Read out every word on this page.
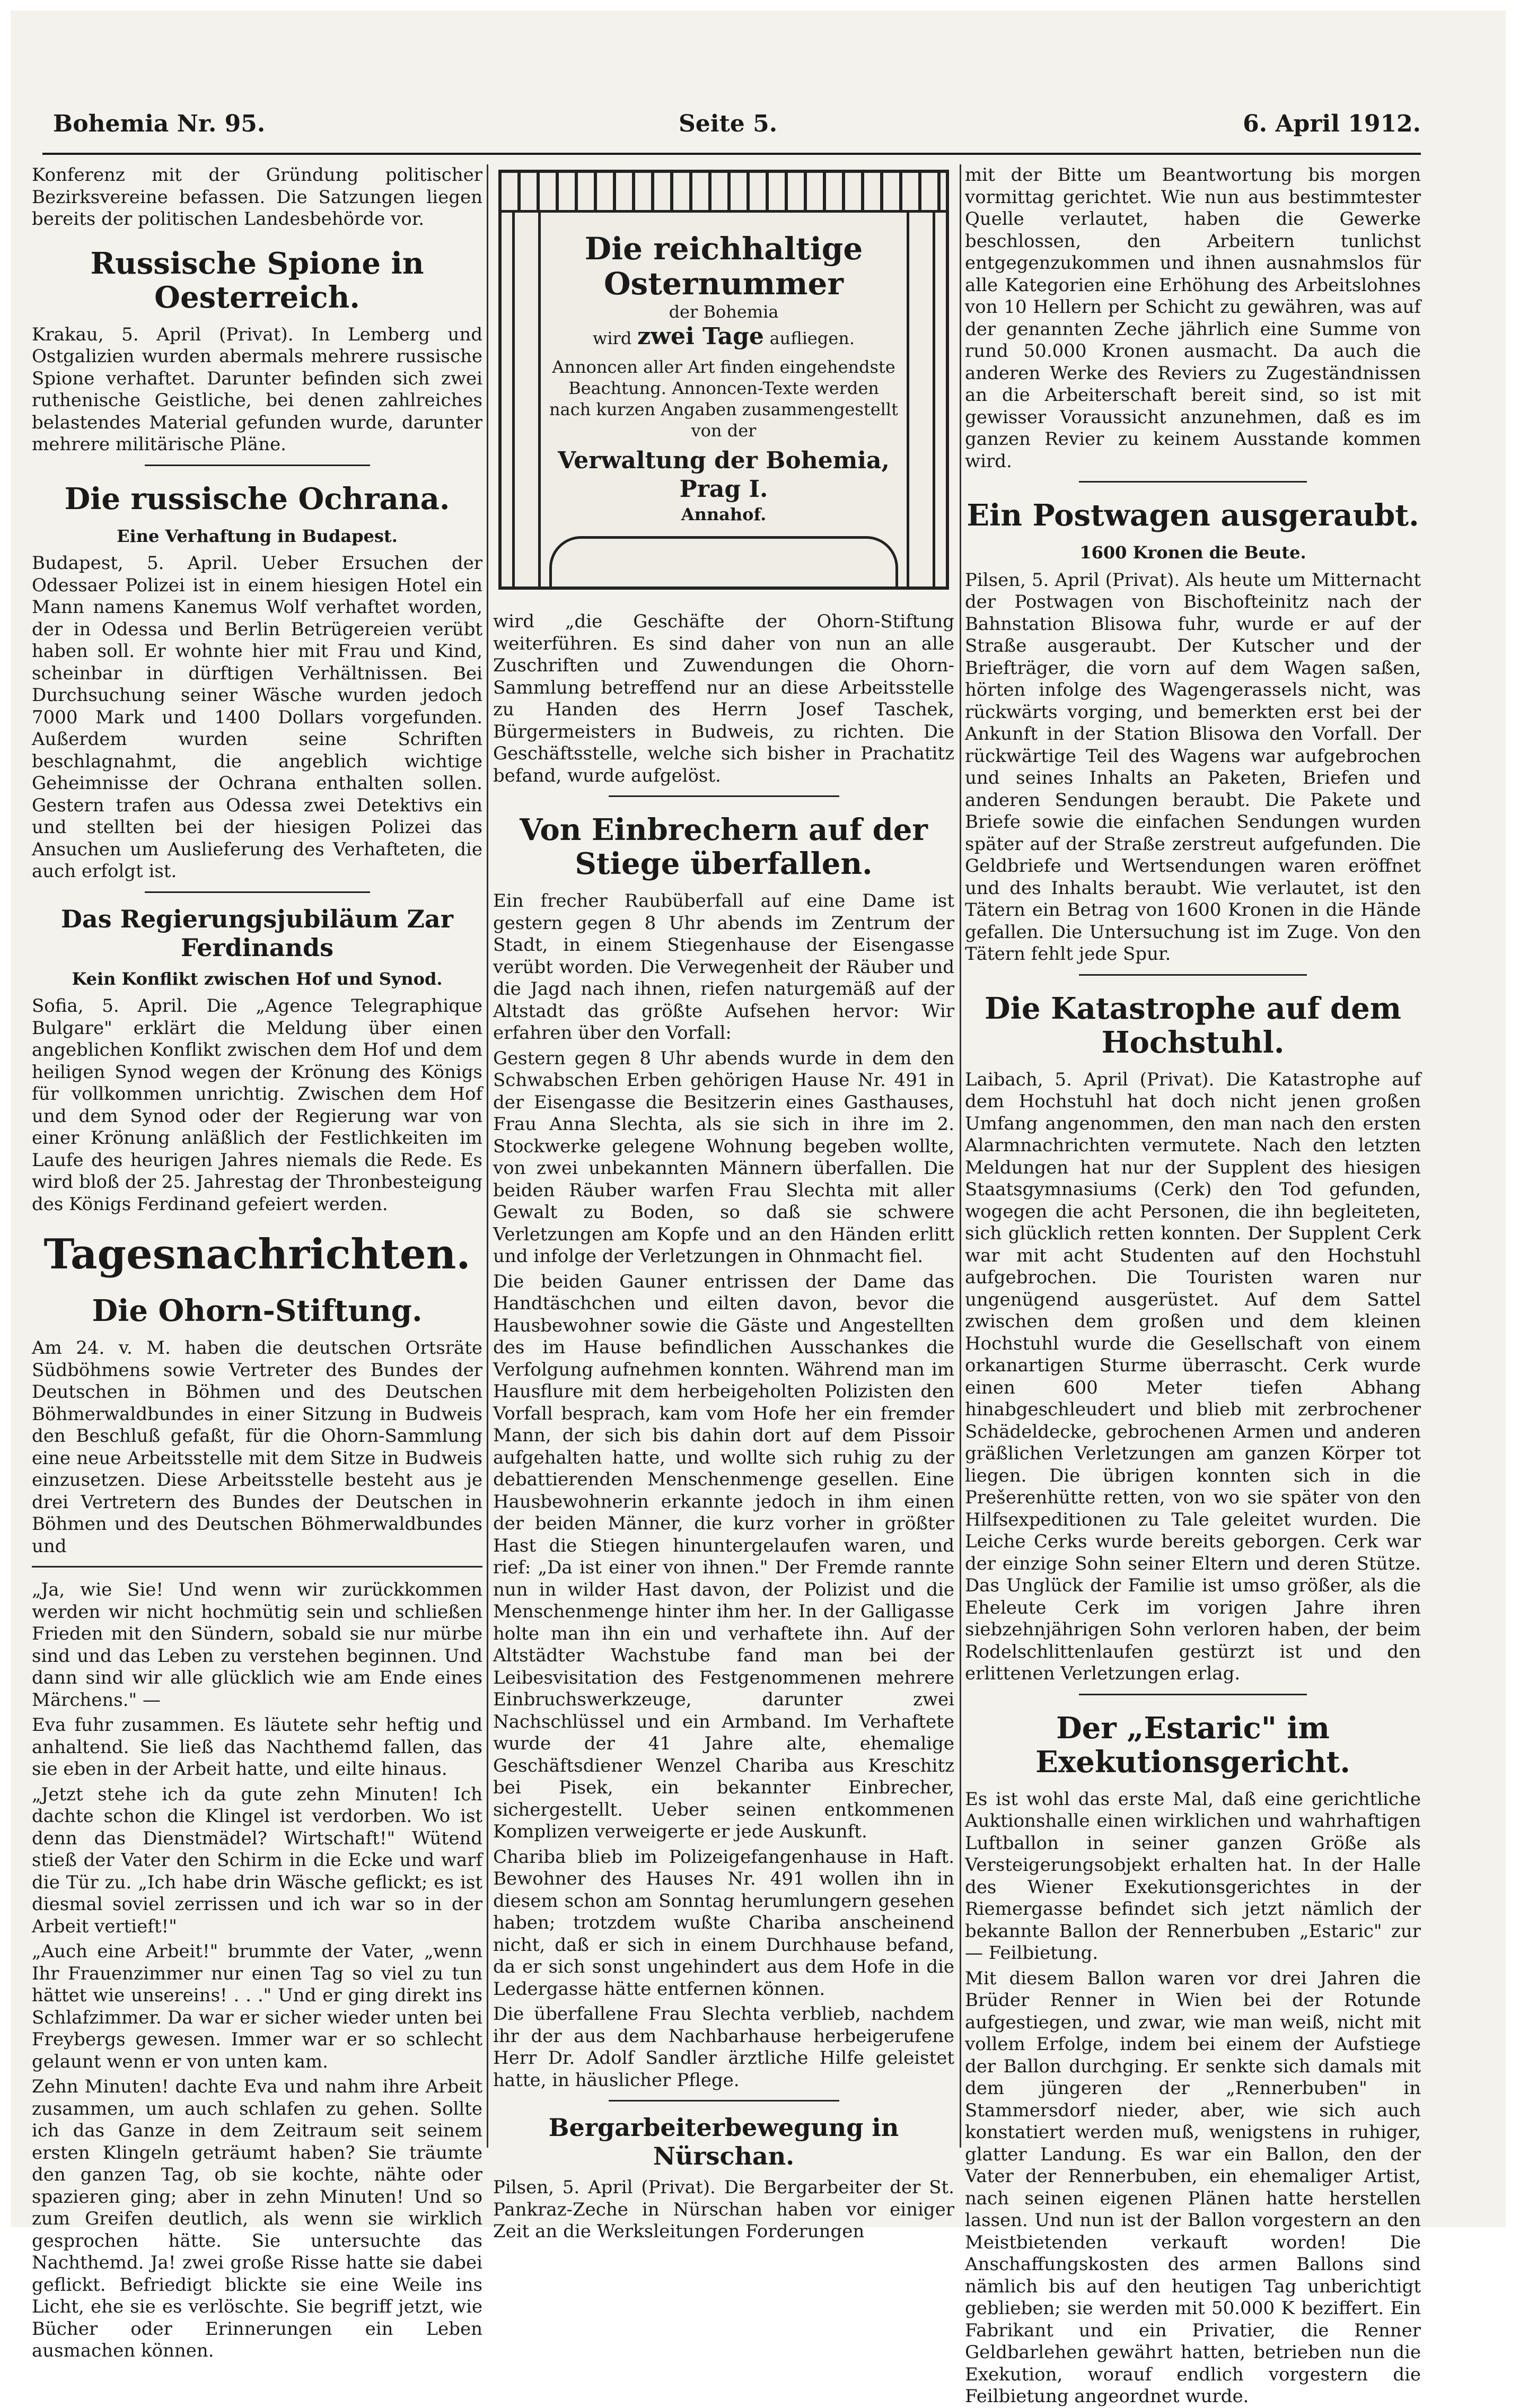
Bohemia Nr. 95.	Seite 5.	6. April 1912.

Konferenz mit der Gründung politischer Bezirksvereine befassen. Die Satzungen liegen bereits der politischen Landesbehörde vor.

Russische Spione in Oesterreich.

Krakau, 5. April (Privat). In Lemberg und Ostgalizien wurden abermals mehrere russische Spione verhaftet. Darunter befinden sich zwei ruthenische Geistliche, bei denen zahlreiches belastendes Material gefunden wurde, darunter mehrere militärische Pläne.

Die russische Ochrana.
Eine Verhaftung in Budapest.

Budapest, 5. April. Ueber Ersuchen der Odessaer Polizei ist in einem hiesigen Hotel ein Mann namens Kanemus Wolf verhaftet worden, der in Odessa und Berlin Betrügereien verübt haben soll. Er wohnte hier mit Frau und Kind, scheinbar in dürftigen Verhältnissen. Bei Durchsuchung seiner Wäsche wurden jedoch 7000 Mark und 1400 Dollars vorgefunden. Außerdem wurden seine Schriften beschlagnahmt, die angeblich wichtige Geheimnisse der Ochrana enthalten sollen. Gestern trafen aus Odessa zwei Detektivs ein und stellten bei der hiesigen Polizei das Ansuchen um Auslieferung des Verhafteten, die auch erfolgt ist.

Das Regierungsjubiläum Zar Ferdinands
Kein Konflikt zwischen Hof und Synod.

Sofia, 5. April. Die „Agence Telegraphique Bulgare" erklärt die Meldung über einen angeblichen Konflikt zwischen dem Hof und dem heiligen Synod wegen der Krönung des Königs für vollkommen unrichtig. Zwischen dem Hof und dem Synod oder der Regierung war von einer Krönung anläßlich der Festlichkeiten im Laufe des heurigen Jahres niemals die Rede. Es wird bloß der 25. Jahrestag der Thronbesteigung des Königs Ferdinand gefeiert werden.

Tagesnachrichten.
Die Ohorn-Stiftung.

Am 24. v. M. haben die deutschen Ortsräte Südböhmens sowie Vertreter des Bundes der Deutschen in Böhmen und des Deutschen Böhmerwaldbundes in einer Sitzung in Budweis den Beschluß gefaßt, für die Ohorn-Sammlung eine neue Arbeitsstelle mit dem Sitze in Budweis einzusetzen. Diese Arbeitsstelle besteht aus je drei Vertretern des Bundes der Deutschen in Böhmen und des Deutschen Böhmerwaldbundes und

„Ja, wie Sie! Und wenn wir zurückkommen werden wir nicht hochmütig sein und schließen Frieden mit den Sündern, sobald sie nur mürbe sind und das Leben zu verstehen beginnen. Und dann sind wir alle glücklich wie am Ende eines Märchens." —

Eva fuhr zusammen. Es läutete sehr heftig und anhaltend. Sie ließ das Nachthemd fallen, das sie eben in der Arbeit hatte, und eilte hinaus.

„Jetzt stehe ich da gute zehn Minuten! Ich dachte schon die Klingel ist verdorben. Wo ist denn das Dienstmädel? Wirtschaft!" Wütend stieß der Vater den Schirm in die Ecke und warf die Tür zu. „Ich habe drin Wäsche geflickt; es ist diesmal soviel zerrissen und ich war so in der Arbeit vertieft!"

„Auch eine Arbeit!" brummte der Vater, „wenn Ihr Frauenzimmer nur einen Tag so viel zu tun hättet wie unsereins! . . ." Und er ging direkt ins Schlafzimmer. Da war er sicher wieder unten bei Freybergs gewesen. Immer war er so schlecht gelaunt wenn er von unten kam.

Zehn Minuten! dachte Eva und nahm ihre Arbeit zusammen, um auch schlafen zu gehen. Sollte ich das Ganze in dem Zeitraum seit seinem ersten Klingeln geträumt haben? Sie träumte den ganzen Tag, ob sie kochte, nähte oder spazieren ging; aber in zehn Minuten! Und so zum Greifen deutlich, als wenn sie wirklich gesprochen hätte. Sie untersuchte das Nachthemd. Ja! zwei große Risse hatte sie dabei geflickt. Befriedigt blickte sie eine Weile ins Licht, ehe sie es verlöschte. Sie begriff jetzt, wie Bücher oder Erinnerungen ein Leben ausmachen können.

Die reichhaltige Osternummer
der Bohemia
wird zwei Tage aufliegen.
Annoncen aller Art finden eingehendste Beachtung. Annoncen-Texte werden nach kurzen Angaben zusammengestellt von der
Verwaltung der Bohemia, Prag I.
Annahof.

wird „die Geschäfte der Ohorn-Stiftung weiterführen. Es sind daher von nun an alle Zuschriften und Zuwendungen die Ohorn-Sammlung betreffend nur an diese Arbeitsstelle zu Handen des Herrn Josef Taschek, Bürgermeisters in Budweis, zu richten. Die Geschäftsstelle, welche sich bisher in Prachatitz befand, wurde aufgelöst.

Von Einbrechern auf der Stiege überfallen.

Ein frecher Raubüberfall auf eine Dame ist gestern gegen 8 Uhr abends im Zentrum der Stadt, in einem Stiegenhause der Eisengasse verübt worden. Die Verwegenheit der Räuber und die Jagd nach ihnen, riefen naturgemäß auf der Altstadt das größte Aufsehen hervor: Wir erfahren über den Vorfall:

Gestern gegen 8 Uhr abends wurde in dem den Schwabschen Erben gehörigen Hause Nr. 491 in der Eisengasse die Besitzerin eines Gasthauses, Frau Anna Slechta, als sie sich in ihre im 2. Stockwerke gelegene Wohnung begeben wollte, von zwei unbekannten Männern überfallen. Die beiden Räuber warfen Frau Slechta mit aller Gewalt zu Boden, so daß sie schwere Verletzungen am Kopfe und an den Händen erlitt und infolge der Verletzungen in Ohnmacht fiel.

Die beiden Gauner entrissen der Dame das Handtäschchen und eilten davon, bevor die Hausbewohner sowie die Gäste und Angestellten des im Hause befindlichen Ausschankes die Verfolgung aufnehmen konnten. Während man im Hausflure mit dem herbeigeholten Polizisten den Vorfall besprach, kam vom Hofe her ein fremder Mann, der sich bis dahin dort auf dem Pissoir aufgehalten hatte, und wollte sich ruhig zu der debattierenden Menschenmenge gesellen. Eine Hausbewohnerin erkannte jedoch in ihm einen der beiden Männer, die kurz vorher in größter Hast die Stiegen hinuntergelaufen waren, und rief: „Da ist einer von ihnen." Der Fremde rannte nun in wilder Hast davon, der Polizist und die Menschenmenge hinter ihm her. In der Galligasse holte man ihn ein und verhaftete ihn. Auf der Altstädter Wachstube fand man bei der Leibesvisitation des Festgenommenen mehrere Einbruchswerkzeuge, darunter zwei Nachschlüssel und ein Armband. Im Verhaftete wurde der 41 Jahre alte, ehemalige Geschäftsdiener Wenzel Chariba aus Kreschitz bei Pisek, ein bekannter Einbrecher, sichergestellt. Ueber seinen entkommenen Komplizen verweigerte er jede Auskunft.

Chariba blieb im Polizeigefangenhause in Haft. Bewohner des Hauses Nr. 491 wollen ihn in diesem schon am Sonntag herumlungern gesehen haben; trotzdem wußte Chariba anscheinend nicht, daß er sich in einem Durchhause befand, da er sich sonst ungehindert aus dem Hofe in die Ledergasse hätte entfernen können.

Die überfallene Frau Slechta verblieb, nachdem ihr der aus dem Nachbarhause herbeigerufene Herr Dr. Adolf Sandler ärztliche Hilfe geleistet hatte, in häuslicher Pflege.

Bergarbeiterbewegung in Nürschan.

Pilsen, 5. April (Privat). Die Bergarbeiter der St. Pankraz-Zeche in Nürschan haben vor einiger Zeit an die Werksleitungen Forderungen

mit der Bitte um Beantwortung bis morgen vormittag gerichtet. Wie nun aus bestimmtester Quelle verlautet, haben die Gewerke beschlossen, den Arbeitern tunlichst entgegenzukommen und ihnen ausnahmslos für alle Kategorien eine Erhöhung des Arbeitslohnes von 10 Hellern per Schicht zu gewähren, was auf der genannten Zeche jährlich eine Summe von rund 50.000 Kronen ausmacht. Da auch die anderen Werke des Reviers zu Zugeständnissen an die Arbeiterschaft bereit sind, so ist mit gewisser Voraussicht anzunehmen, daß es im ganzen Revier zu keinem Ausstande kommen wird.

Ein Postwagen ausgeraubt.
1600 Kronen die Beute.

Pilsen, 5. April (Privat). Als heute um Mitternacht der Postwagen von Bischofteinitz nach der Bahnstation Blisowa fuhr, wurde er auf der Straße ausgeraubt. Der Kutscher und der Briefträger, die vorn auf dem Wagen saßen, hörten infolge des Wagengerassels nicht, was rückwärts vorging, und bemerkten erst bei der Ankunft in der Station Blisowa den Vorfall. Der rückwärtige Teil des Wagens war aufgebrochen und seines Inhalts an Paketen, Briefen und anderen Sendungen beraubt. Die Pakete und Briefe sowie die einfachen Sendungen wurden später auf der Straße zerstreut aufgefunden. Die Geldbriefe und Wertsendungen waren eröffnet und des Inhalts beraubt. Wie verlautet, ist den Tätern ein Betrag von 1600 Kronen in die Hände gefallen. Die Untersuchung ist im Zuge. Von den Tätern fehlt jede Spur.

Die Katastrophe auf dem Hochstuhl.

Laibach, 5. April (Privat). Die Katastrophe auf dem Hochstuhl hat doch nicht jenen großen Umfang angenommen, den man nach den ersten Alarmnachrichten vermutete. Nach den letzten Meldungen hat nur der Supplent des hiesigen Staatsgymnasiums (Cerk) den Tod gefunden, wogegen die acht Personen, die ihn begleiteten, sich glücklich retten konnten. Der Supplent Cerk war mit acht Studenten auf den Hochstuhl aufgebrochen. Die Touristen waren nur ungenügend ausgerüstet. Auf dem Sattel zwischen dem großen und dem kleinen Hochstuhl wurde die Gesellschaft von einem orkanartigen Sturme überrascht. Cerk wurde einen 600 Meter tiefen Abhang hinabgeschleudert und blieb mit zerbrochener Schädeldecke, gebrochenen Armen und anderen gräßlichen Verletzungen am ganzen Körper tot liegen. Die übrigen konnten sich in die Prešerenhütte retten, von wo sie später von den Hilfsexpeditionen zu Tale geleitet wurden. Die Leiche Cerks wurde bereits geborgen. Cerk war der einzige Sohn seiner Eltern und deren Stütze. Das Unglück der Familie ist umso größer, als die Eheleute Cerk im vorigen Jahre ihren siebzehnjährigen Sohn verloren haben, der beim Rodelschlittenlaufen gestürzt ist und den erlittenen Verletzungen erlag.

Der „Estaric" im Exekutionsgericht.

Es ist wohl das erste Mal, daß eine gerichtliche Auktionshalle einen wirklichen und wahrhaftigen Luftballon in seiner ganzen Größe als Versteigerungsobjekt erhalten hat. In der Halle des Wiener Exekutionsgerichtes in der Riemergasse befindet sich jetzt nämlich der bekannte Ballon der Rennerbuben „Estaric" zur — Feilbietung.

Mit diesem Ballon waren vor drei Jahren die Brüder Renner in Wien bei der Rotunde aufgestiegen, und zwar, wie man weiß, nicht mit vollem Erfolge, indem bei einem der Aufstiege der Ballon durchging. Er senkte sich damals mit dem jüngeren der „Rennerbuben" in Stammersdorf nieder, aber, wie sich auch konstatiert werden muß, wenigstens in ruhiger, glatter Landung. Es war ein Ballon, den der Vater der Rennerbuben, ein ehemaliger Artist, nach seinen eigenen Plänen hatte herstellen lassen. Und nun ist der Ballon vorgestern an den Meistbietenden verkauft worden! Die Anschaffungskosten des armen Ballons sind nämlich bis auf den heutigen Tag unberichtigt geblieben; sie werden mit 50.000 K beziffert. Ein Fabrikant und ein Privatier, die Renner Geldbarlehen gewährt hatten, betrieben nun die Exekution, worauf endlich vorgestern die Feilbietung angeordnet wurde.
